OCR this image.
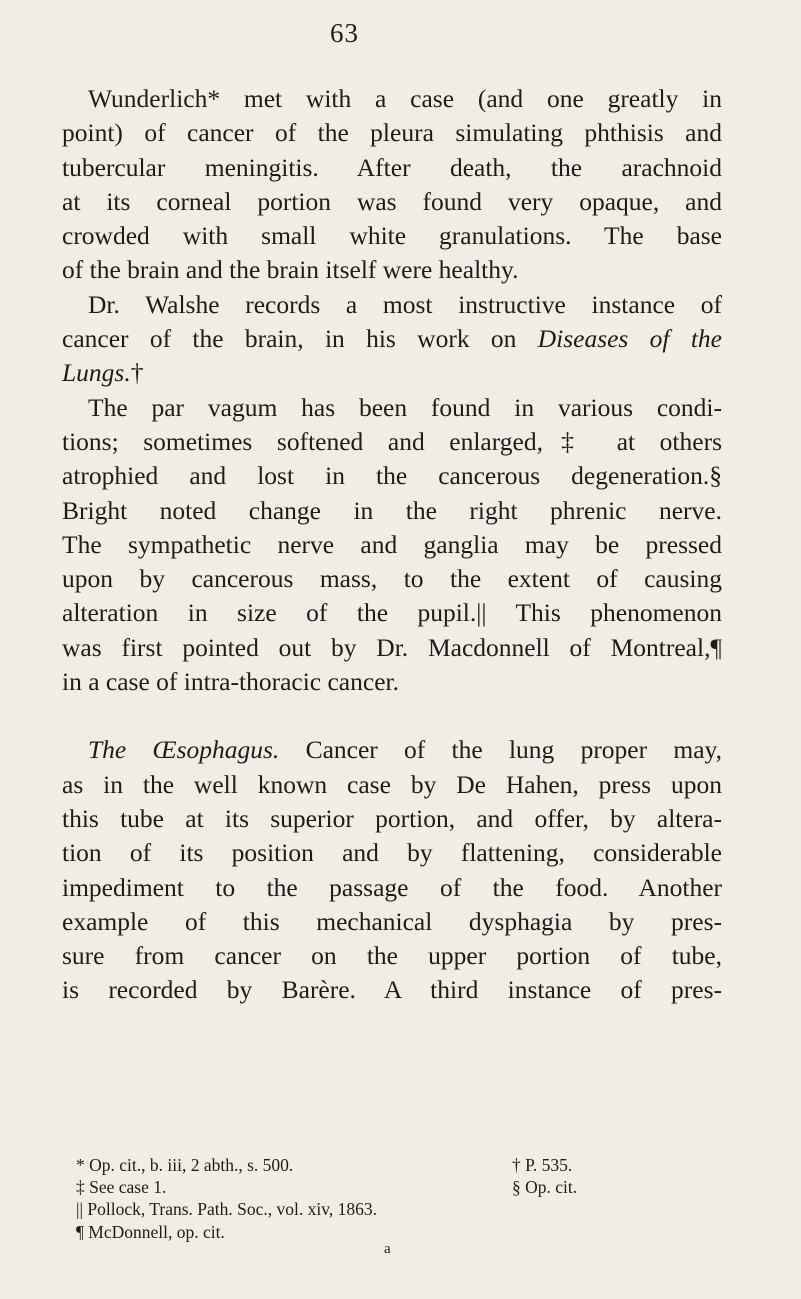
63
Wunderlich* met with a case (and one greatly in
point) of cancer of the pleura simulating phthisis and
tubercular meningitis. After death, the arachnoid
at its corneal portion was found very opaque, and
crowded with small white granulations. The base
of the brain and the brain itself were healthy.
Dr. Walshe records a most instructive instance of
cancer of the brain, in his work on Diseases of the
Lungs.†
The par vagum has been found in various condi-
tions; sometimes softened and enlarged,‡ at others
atrophied and lost in the cancerous degeneration.§
Bright noted change in the right phrenic nerve.
The sympathetic nerve and ganglia may be pressed
upon by cancerous mass, to the extent of causing
alteration in size of the pupil.|| This phenomenon
was first pointed out by Dr. Macdonnell of Montreal,¶
in a case of intra-thoracic cancer.
The Œsophagus. Cancer of the lung proper may,
as in the well known case by De Hahen, press upon
this tube at its superior portion, and offer, by altera-
tion of its position and by flattening, considerable
impediment to the passage of the food. Another
example of this mechanical dysphagia by pres-
sure from cancer on the upper portion of tube,
is recorded by Barère. A third instance of pres-
* Op. cit., b. iii, 2 abth., s. 500.	† P. 535.
‡ See case 1.	§ Op. cit.
|| Pollock, Trans. Path. Soc., vol. xiv, 1863.
¶ McDonnell, op. cit.
a
